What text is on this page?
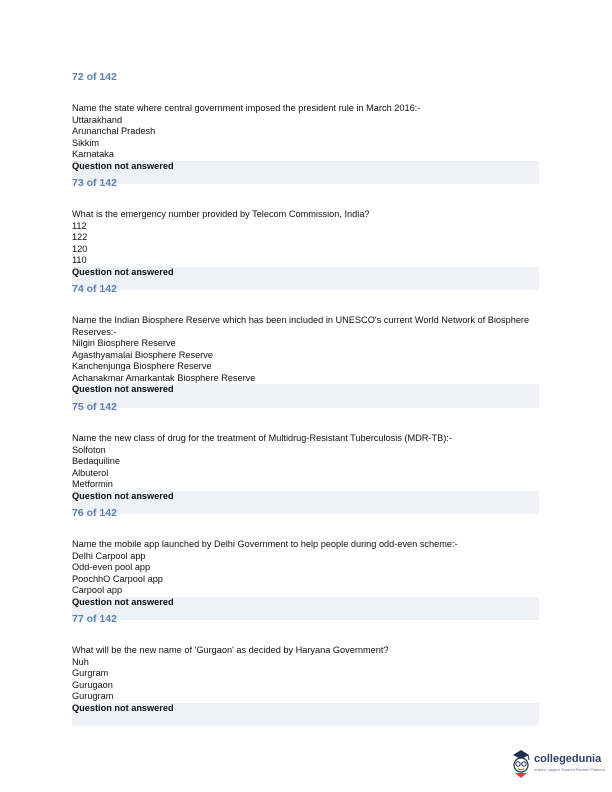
72 of 142
Name the state where central government imposed the president rule in March 2016:-
Uttarakhand
Arunanchal Pradesh
Sikkim
Karnataka
Question not answered
73 of 142
What is the emergency number provided by Telecom Commission, India?
112
122
120
110
Question not answered
74 of 142
Name the Indian Biosphere Reserve which has been included in UNESCO's current World Network of Biosphere Reserves:-
Nilgiri Biosphere Reserve
Agasthyamalai Biosphere Reserve
Kanchenjunga Biosphere Reserve
Achanakmar Amarkantak Biosphere Reserve
Question not answered
75 of 142
Name the new class of drug for the treatment of Multidrug-Resistant Tuberculosis (MDR-TB):-
Solfoton
Bedaquiline
Albuterol
Metformin
Question not answered
76 of 142
Name the mobile app launched by Delhi Government to help people during odd-even scheme:-
Delhi Carpool app
Odd-even pool app
PoochhO Carpool app
Carpool app
Question not answered
77 of 142
What will be the new name of 'Gurgaon' as decided by Haryana Government?
Nuh
Gurgram
Gurugaon
Gurugram
Question not answered
collegedunia
India's Largest Student Review Platform
